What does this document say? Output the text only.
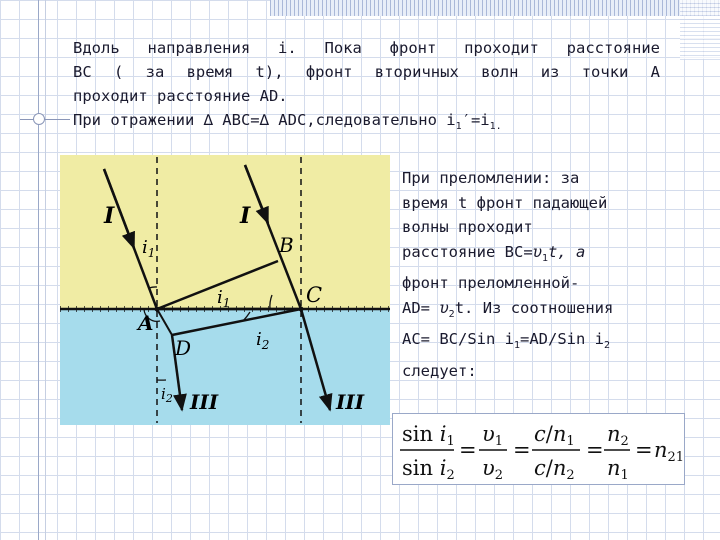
Вдоль направления i. Пока фронт проходит расстояние
BC ( за время t), фронт вторичных волн из точки A
проходит расстояние AD.
При отражении ∆ ABC=∆ ADC,следовательно $i_1'=i_{1.}$
I	I
$i_1$	B
$i_1$	C
A
D	$i_2$
$i_2$ III	III
При преломлении: за
время t фронт падающей
волны проходит
расстояние $BC=\upsilon_1t$, а
фронт преломленной-
$AD= \upsilon_2t$. Из соотношения
AC= BC/Sin $i_1=AD$/Sin $i_2$
следует:
sin i1
sin i2
=
υ1
υ2
=
c/n1
c/n2
=
n2
n1
= n21
